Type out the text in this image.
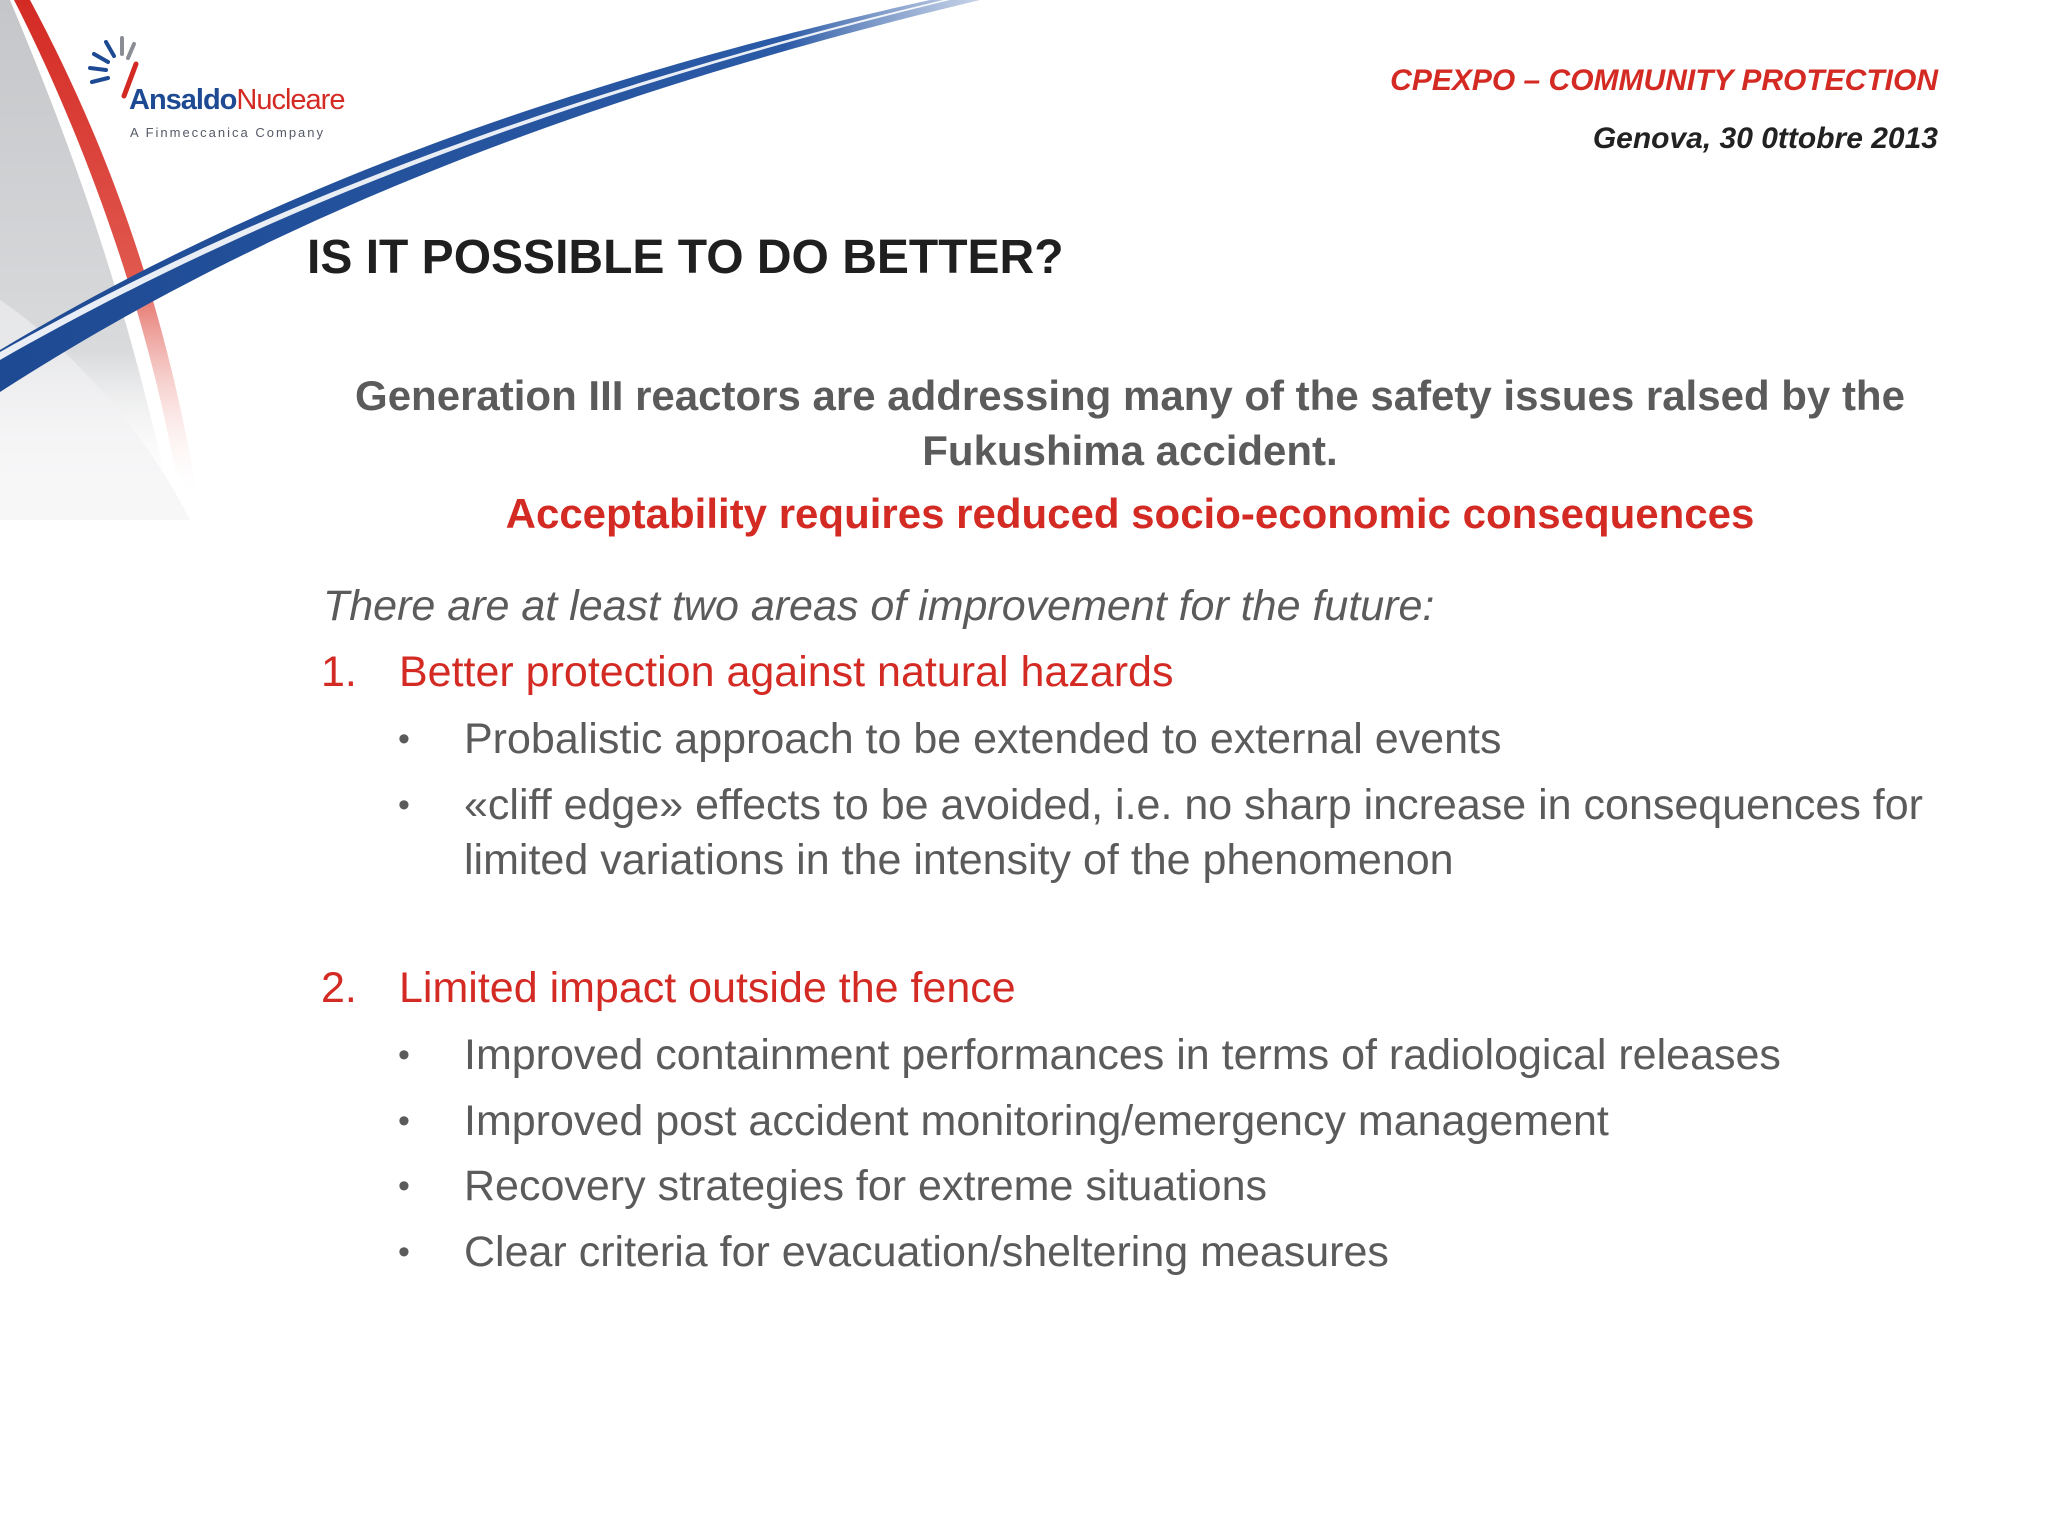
AnsaldoNucleare
A Finmeccanica Company
CPEXPO – COMMUNITY PROTECTION
Genova, 30 0ttobre 2013
IS IT POSSIBLE TO DO BETTER?
Generation III reactors are addressing many of the safety issues ralsed by the Fukushima accident.
Acceptability requires reduced socio-economic consequences
There are at least two areas of improvement for the future:
1. Better protection against natural hazards
• Probalistic approach to be extended to external events
• «cliff edge» effects to be avoided, i.e. no sharp increase in consequences for limited variations in the intensity of the phenomenon
2. Limited impact outside the fence
• Improved containment performances in terms of radiological releases
• Improved post accident monitoring/emergency management
• Recovery strategies for extreme situations
• Clear criteria for evacuation/sheltering measures
